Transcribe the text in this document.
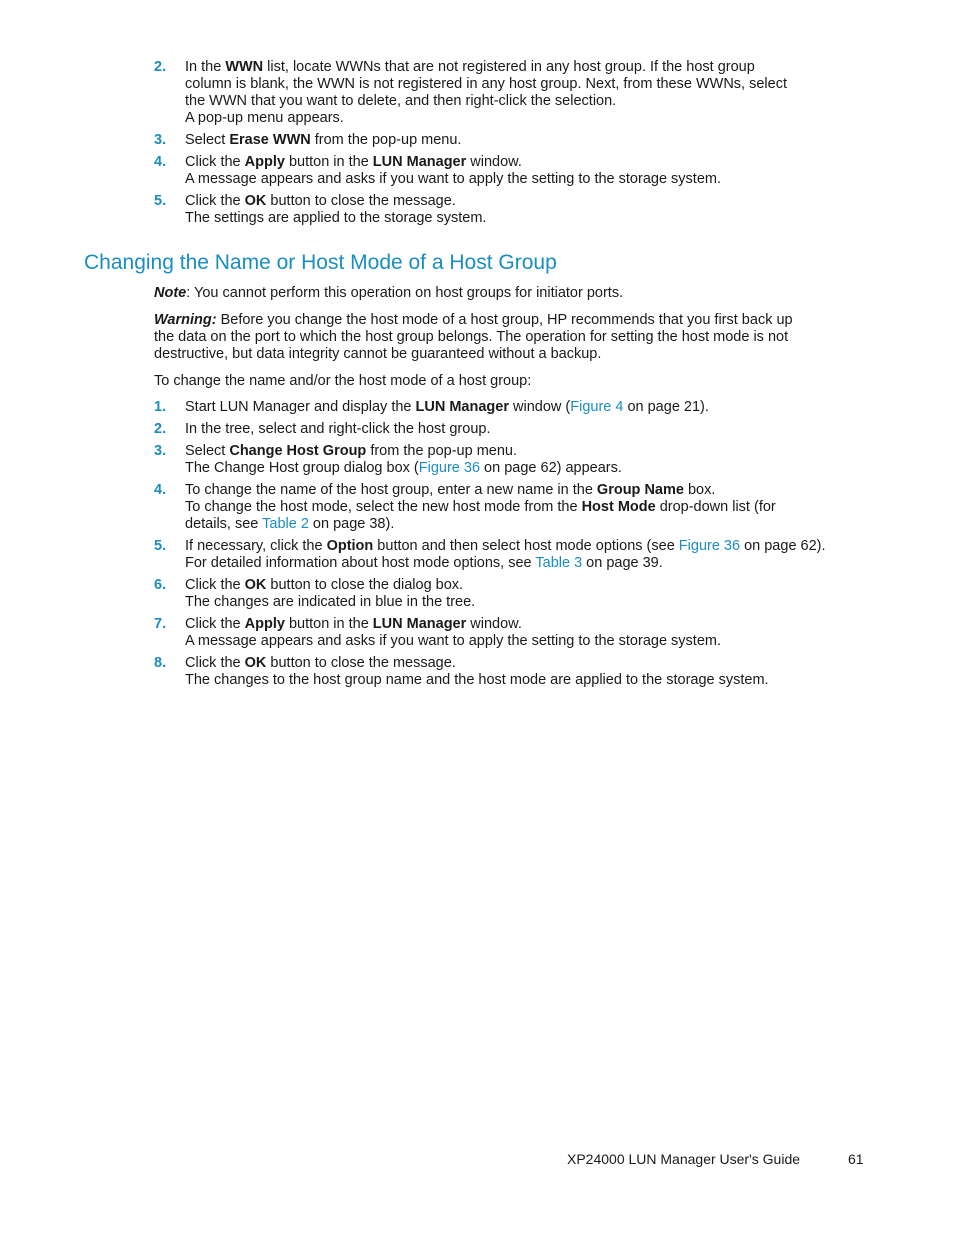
2. In the WWN list, locate WWNs that are not registered in any host group. If the host group
column is blank, the WWN is not registered in any host group. Next, from these WWNs, select
the WWN that you want to delete, and then right-click the selection.
A pop-up menu appears.
3. Select Erase WWN from the pop-up menu.
4. Click the Apply button in the LUN Manager window.
A message appears and asks if you want to apply the setting to the storage system.
5. Click the OK button to close the message.
The settings are applied to the storage system.
Changing the Name or Host Mode of a Host Group

Note: You cannot perform this operation on host groups for initiator ports.

Warning: Before you change the host mode of a host group, HP recommends that you first back up
the data on the port to which the host group belongs. The operation for setting the host mode is not
destructive, but data integrity cannot be guaranteed without a backup.

To change the name and/or the host mode of a host group:

1. Start LUN Manager and display the LUN Manager window (Figure 4 on page 21).
2. In the tree, select and right-click the host group.
3. Select Change Host Group from the pop-up menu.
The Change Host group dialog box (Figure 36 on page 62) appears.
4. To change the name of the host group, enter a new name in the Group Name box.
To change the host mode, select the new host mode from the Host Mode drop-down list (for
details, see Table 2 on page 38).
5. If necessary, click the Option button and then select host mode options (see Figure 36 on page 62).
For detailed information about host mode options, see Table 3 on page 39.
6. Click the OK button to close the dialog box.
The changes are indicated in blue in the tree.
7. Click the Apply button in the LUN Manager window.
A message appears and asks if you want to apply the setting to the storage system.
8. Click the OK button to close the message.
The changes to the host group name and the host mode are applied to the storage system.
XP24000 LUN Manager User's Guide	61
